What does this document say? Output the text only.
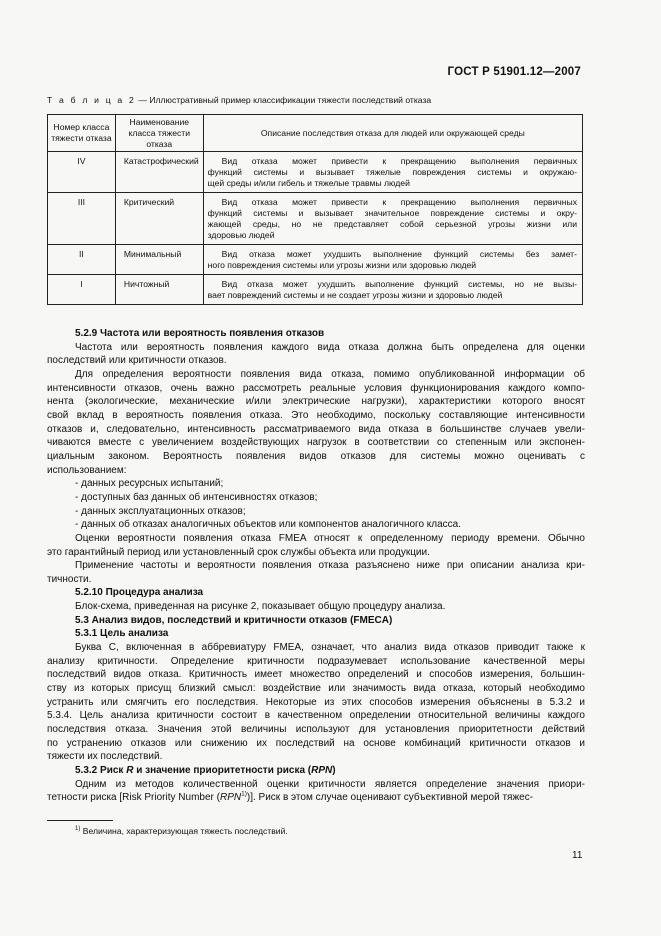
ГОСТ Р 51901.12—2007
Т а б л и ц а 2 — Иллюстративный пример классификации тяжести последствий отказа
Номер класса тяжести отказа	Наименование класса тяжести отказа	Описание последствия отказа для людей или окружающей среды
IV	Катастрофический	Вид отказа может привести к прекращению выполнения первичных
функций системы и вызывает тяжелые повреждения системы и окружаю-
щей среды и/или гибель и тяжелые травмы людей

III	Критический	Вид отказа может привести к прекращению выполнения первичных
функций системы и вызывает значительное повреждение системы и окру-
жающей среды, но не представляет собой серьезной угрозы жизни или
здоровью людей

II	Минимальный	Вид отказа может ухудшить выполнение функций системы без замет-
ного повреждения системы или угрозы жизни или здоровью людей

I	Ничтожный	Вид отказа может ухудшить выполнение функций системы, но не вызы-
вает повреждений системы и не создает угрозы жизни и здоровью людей
5.2.9 Частота или вероятность появления отказов
Частота или вероятность появления каждого вида отказа должна быть определена для оценки
последствий или критичности отказов.
Для определения вероятности появления вида отказа, помимо опубликованной информации об
интенсивности отказов, очень важно рассмотреть реальные условия функционирования каждого компо-
нента (экологические, механические и/или электрические нагрузки), характеристики которого вносят
свой вклад в вероятность появления отказа. Это необходимо, поскольку составляющие интенсивности
отказов и, следовательно, интенсивность рассматриваемого вида отказа в большинстве случаев увели-
чиваются вместе с увеличением воздействующих нагрузок в соответствии со степенным или экспонен-
циальным законом. Вероятность появления видов отказов для системы можно оценивать с
использованием:
- данных ресурсных испытаний;
- доступных баз данных об интенсивностях отказов;
- данных эксплуатационных отказов;
- данных об отказах аналогичных объектов или компонентов аналогичного класса.
Оценки вероятности появления отказа FMEA относят к определенному периоду времени. Обычно
это гарантийный период или установленный срок службы объекта или продукции.
Применение частоты и вероятности появления отказа разъяснено ниже при описании анализа кри-
тичности.
5.2.10 Процедура анализа
Блок-схема, приведенная на рисунке 2, показывает общую процедуру анализа.
5.3 Анализ видов, последствий и критичности отказов (FMECA)
5.3.1 Цель анализа
Буква С, включенная в аббревиатуру FMEA, означает, что анализ вида отказов приводит также к
анализу критичности. Определение критичности подразумевает использование качественной меры
последствий видов отказа. Критичность имеет множество определений и способов измерения, большин-
ству из которых присущ близкий смысл: воздействие или значимость вида отказа, который необходимо
устранить или смягчить его последствия. Некоторые из этих способов измерения объяснены в 5.3.2 и
5.3.4. Цель анализа критичности состоит в качественном определении относительной величины каждого
последствия отказа. Значения этой величины используют для установления приоритетности действий
по устранению отказов или снижению их последствий на основе комбинаций критичности отказов и
тяжести их последствий.
5.3.2 Риск R и значение приоритетности риска (RPN)
Одним из методов количественной оценки критичности является определение значения приори-
тетности риска [Risk Priority Number (RPN$^{1)}$)]. Риск в этом случае оценивают субъективной мерой тяжес-
$^{1)}$ Величина, характеризующая тяжесть последствий.
11
